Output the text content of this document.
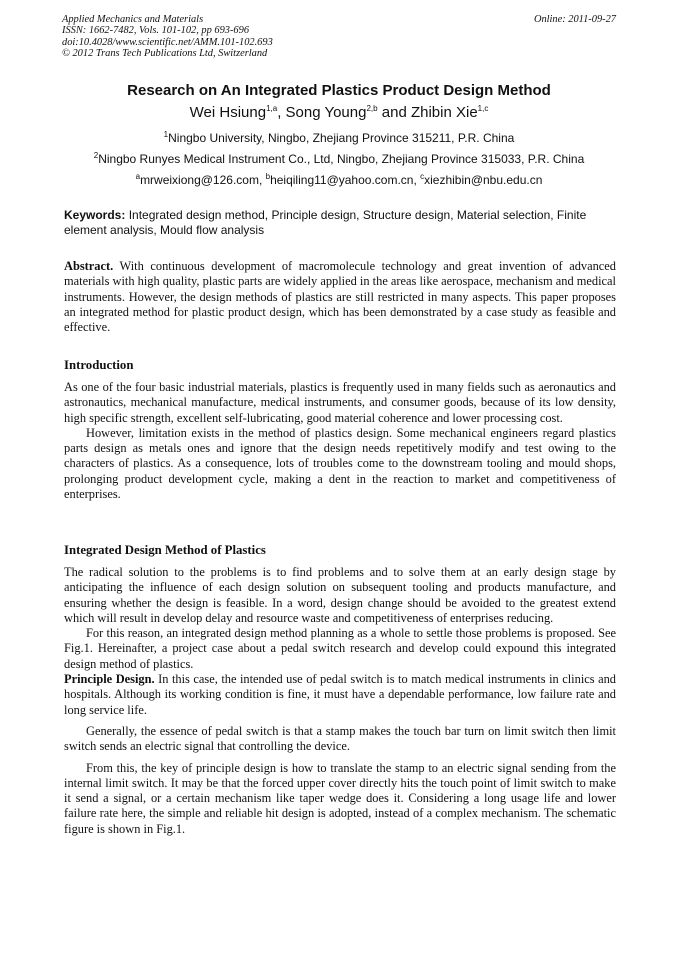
Applied Mechanics and Materials
ISSN: 1662-7482, Vols. 101-102, pp 693-696
doi:10.4028/www.scientific.net/AMM.101-102.693
© 2012 Trans Tech Publications Ltd, Switzerland
Online: 2011-09-27
Research on An Integrated Plastics Product Design Method
Wei Hsiung$^{1,a}$, Song Young$^{2,b}$ and Zhibin Xie$^{1,c}$
$^1$Ningbo University, Ningbo, Zhejiang Province 315211, P.R. China
$^2$Ningbo Runyes Medical Instrument Co., Ltd, Ningbo, Zhejiang Province 315033, P.R. China
$^a$mrweixiong@126.com, $^b$heiqiling11@yahoo.com.cn, $^c$xiezhibin@nbu.edu.cn
Keywords: Integrated design method, Principle design, Structure design, Material selection, Finite element analysis, Mould flow analysis

Abstract. With continuous development of macromolecule technology and great invention of advanced materials with high quality, plastic parts are widely applied in the areas like aerospace, mechanism and medical instruments. However, the design methods of plastics are still restricted in many aspects. This paper proposes an integrated method for plastic product design, which has been demonstrated by a case study as feasible and effective.

Introduction

As one of the four basic industrial materials, plastics is frequently used in many fields such as aeronautics and astronautics, mechanical manufacture, medical instruments, and consumer goods, because of its low density, high specific strength, excellent self-lubricating, good material coherence and lower processing cost.

However, limitation exists in the method of plastics design. Some mechanical engineers regard plastics parts design as metals ones and ignore that the design needs repetitively modify and test owing to the characters of plastics. As a consequence, lots of troubles come to the downstream tooling and mould shops, prolonging product development cycle, making a dent in the reaction to market and competitiveness of enterprises.

Integrated Design Method of Plastics

The radical solution to the problems is to find problems and to solve them at an early design stage by anticipating the influence of each design solution on subsequent tooling and products manufacture, and ensuring whether the design is feasible. In a word, design change should be avoided to the greatest extend which will result in develop delay and resource waste and competitiveness of enterprises reducing.

For this reason, an integrated design method planning as a whole to settle those problems is proposed. See Fig.1. Hereinafter, a project case about a pedal switch research and develop could expound this integrated design method of plastics.

Principle Design. In this case, the intended use of pedal switch is to match medical instruments in clinics and hospitals. Although its working condition is fine, it must have a dependable performance, low failure rate and long service life.

Generally, the essence of pedal switch is that a stamp makes the touch bar turn on limit switch then limit switch sends an electric signal that controlling the device.

From this, the key of principle design is how to translate the stamp to an electric signal sending from the internal limit switch. It may be that the forced upper cover directly hits the touch point of limit switch to make it send a signal, or a certain mechanism like taper wedge does it. Considering a long usage life and lower failure rate here, the simple and reliable hit design is adopted, instead of a complex mechanism. The schematic figure is shown in Fig.1.
